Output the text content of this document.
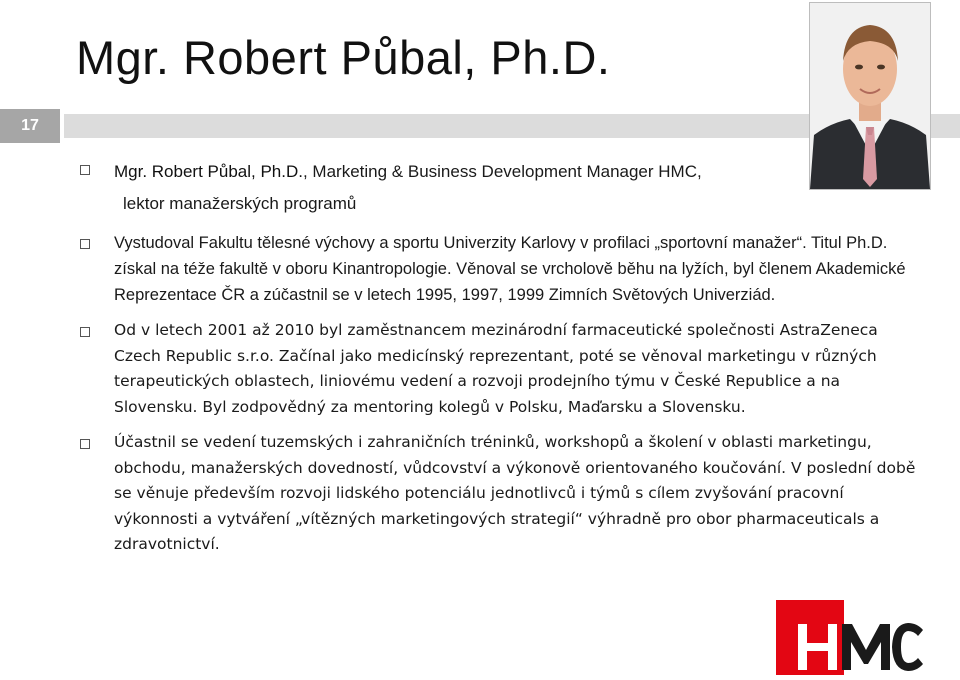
Mgr. Robert Půbal, Ph.D.
17
Mgr. Robert Půbal, Ph.D., Marketing & Business Development Manager HMC,
lektor manažerských programů
Vystudoval Fakultu tělesné výchovy a sportu Univerzity Karlovy v profilaci „sportovní manažer“. Titul Ph.D. získal na téže fakultě v oboru Kinantropologie. Věnoval se vrcholově běhu na lyžích, byl členem Akademické Reprezentace ČR a zúčastnil se v letech 1995, 1997, 1999 Zimních Světových Univerziád.
Od v letech 2001 až 2010 byl zaměstnancem mezinárodní farmaceutické společnosti AstraZeneca Czech Republic s.r.o. Začínal jako medicínský reprezentant, poté se věnoval marketingu v různých terapeutických oblastech, liniovému vedení a rozvoji prodejního týmu v České Republice a na Slovensku. Byl zodpovědný za mentoring kolegů v Polsku, Maďarsku a Slovensku.
Účastnil se vedení tuzemských i zahraničních tréninků, workshopů a školení v oblasti marketingu, obchodu, manažerských dovedností, vůdcovství a výkonově orientovaného koučování. V poslední době se věnuje především rozvoji lidského potenciálu jednotlivců i týmů s cílem zvyšování pracovní výkonnosti a vytváření „vítězných marketingových strategií“ výhradně pro obor pharmaceuticals a zdravotnictví.
